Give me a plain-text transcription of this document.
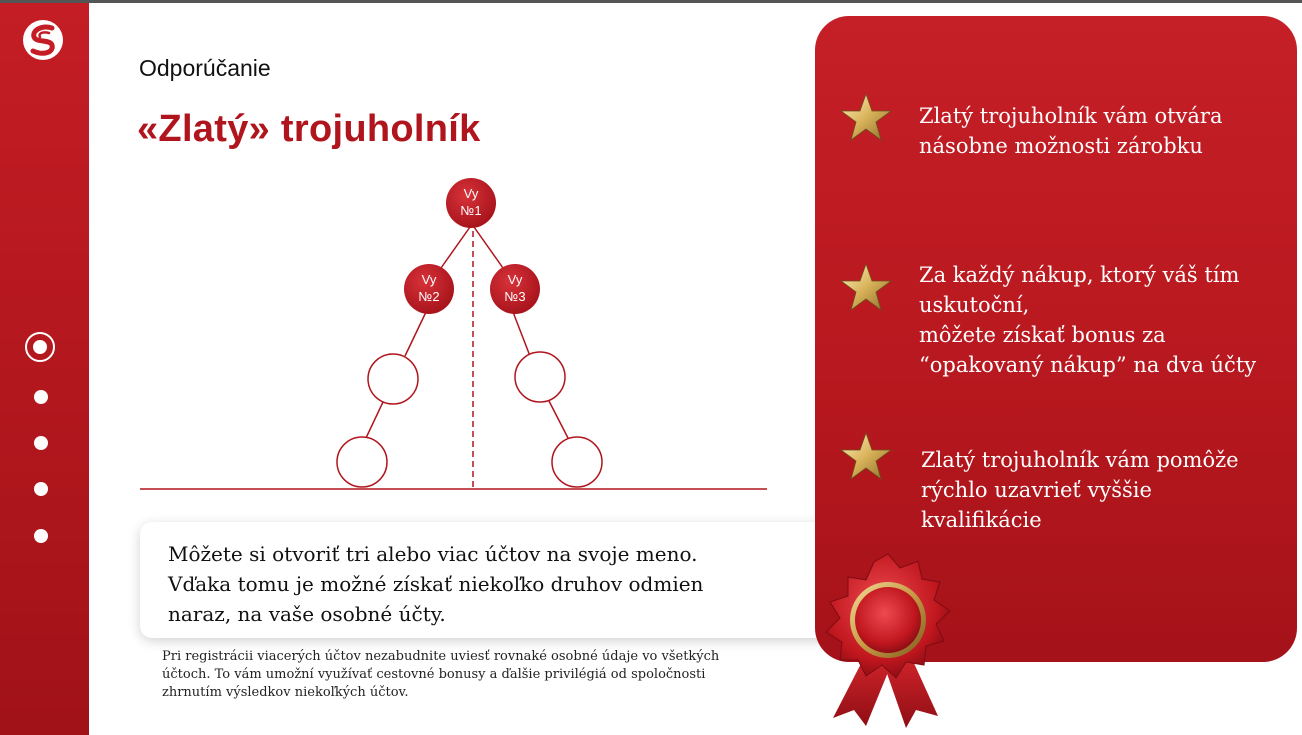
Odporúčanie
«Zlatý» trojuholník
Vy
№1
Vy
№2
Vy
№3

Môžete si otvoriť tri alebo viac účtov na svoje meno.
Vďaka tomu je možné získať niekoľko druhov odmien
naraz, na vaše osobné účty.

Pri registrácii viacerých účtov nezabudnite uviesť rovnaké osobné údaje vo všetkých
účtoch. To vám umožní využívať cestovné bonusy a ďalšie privilégiá od spoločnosti
zhrnutím výsledkov niekoľkých účtov.
Zlatý trojuholník vám otvára
násobne možnosti zárobku
Za každý nákup, ktorý váš tím
uskutoční,
môžete získať bonus za
“opakovaný nákup” na dva účty
Zlatý trojuholník vám pomôže
rýchlo uzavrieť vyššie
kvalifikácie
